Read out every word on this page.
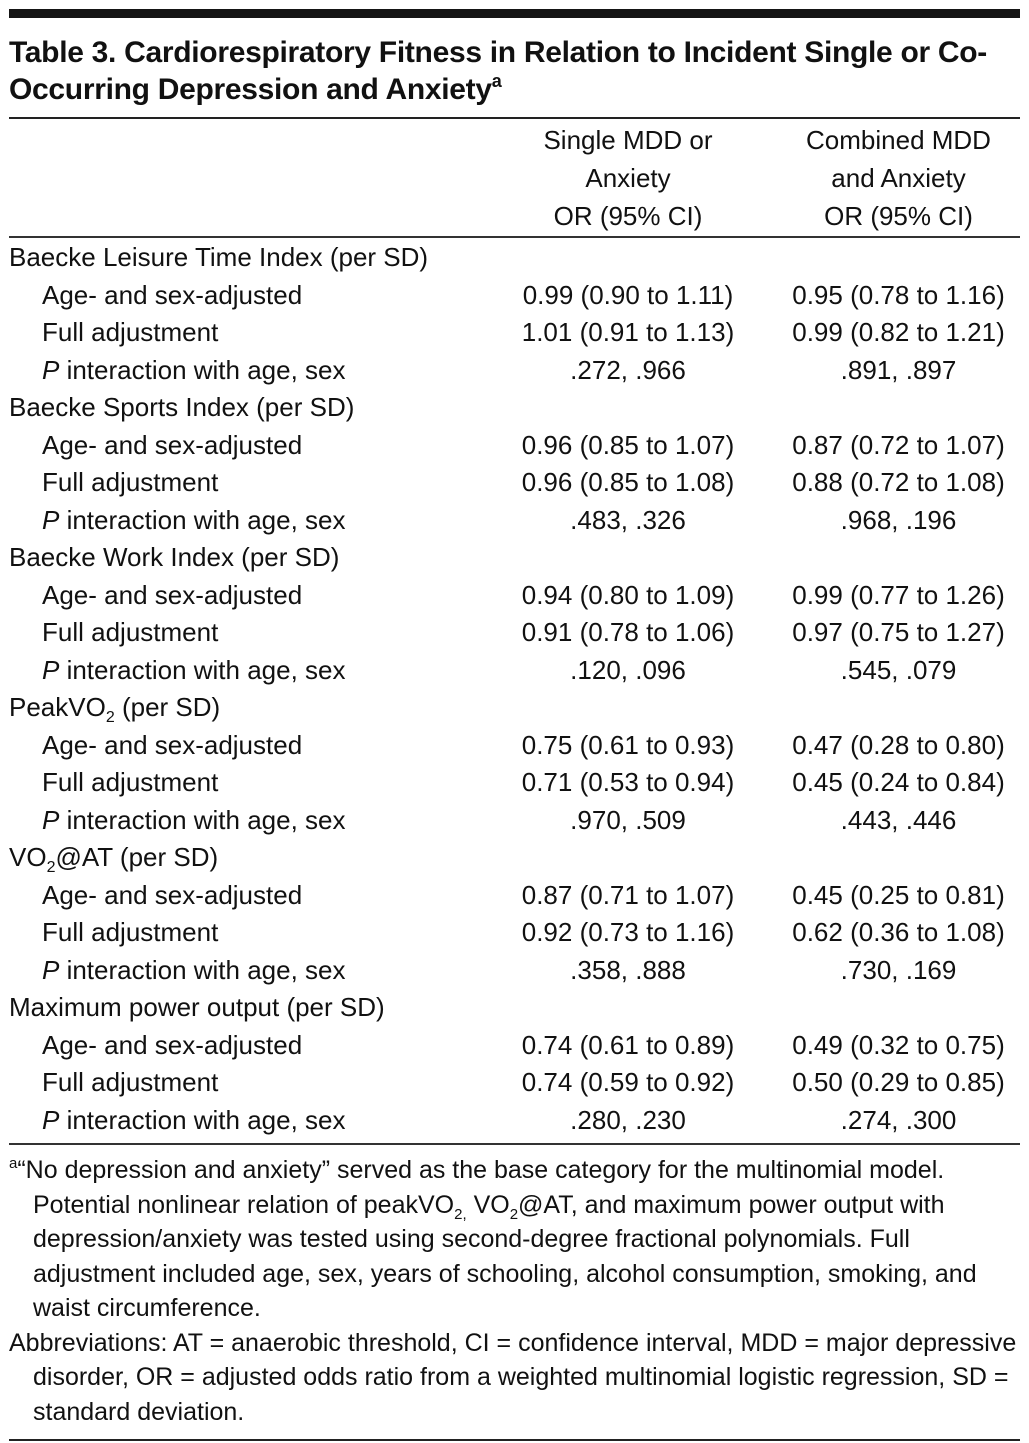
Table 3. Cardiorespiratory Fitness in Relation to Incident Single or Co-Occurring Depression and Anxiety$^a$
Single MDD or
Anxiety
OR (95% CI)
Combined MDD
and Anxiety
OR (95% CI)
Baecke Leisure Time Index (per SD)
Age- and sex-adjusted	0.99 (0.90 to 1.11)	0.95 (0.78 to 1.16)
Full adjustment	1.01 (0.91 to 1.13)	0.99 (0.82 to 1.21)
P interaction with age, sex	.272, .966	.891, .897
Baecke Sports Index (per SD)
Age- and sex-adjusted	0.96 (0.85 to 1.07)	0.87 (0.72 to 1.07)
Full adjustment	0.96 (0.85 to 1.08)	0.88 (0.72 to 1.08)
P interaction with age, sex	.483, .326	.968, .196
Baecke Work Index (per SD)
Age- and sex-adjusted	0.94 (0.80 to 1.09)	0.99 (0.77 to 1.26)
Full adjustment	0.91 (0.78 to 1.06)	0.97 (0.75 to 1.27)
P interaction with age, sex	.120, .096	.545, .079
PeakVO$_2$ (per SD)
Age- and sex-adjusted	0.75 (0.61 to 0.93)	0.47 (0.28 to 0.80)
Full adjustment	0.71 (0.53 to 0.94)	0.45 (0.24 to 0.84)
P interaction with age, sex	.970, .509	.443, .446
$VO_2@AT$ (per SD)
Age- and sex-adjusted	0.87 (0.71 to 1.07)	0.45 (0.25 to 0.81)
Full adjustment	0.92 (0.73 to 1.16)	0.62 (0.36 to 1.08)
P interaction with age, sex	.358, .888	.730, .169
Maximum power output (per SD)
Age- and sex-adjusted	0.74 (0.61 to 0.89)	0.49 (0.32 to 0.75)
Full adjustment	0.74 (0.59 to 0.92)	0.50 (0.29 to 0.85)
P interaction with age, sex	.280, .230	.274, .300

$^a$“No depression and anxiety” served as the base category for the multinomial model. Potential nonlinear relation of peakVO$_{2,}$ $VO_2@AT$, and maximum power output with depression/anxiety was tested using second-degree fractional polynomials. Full adjustment included age, sex, years of schooling, alcohol consumption, smoking, and waist circumference.

Abbreviations: AT = anaerobic threshold, CI = confidence interval, MDD = major depressive disorder, OR = adjusted odds ratio from a weighted multinomial logistic regression, SD = standard deviation.
